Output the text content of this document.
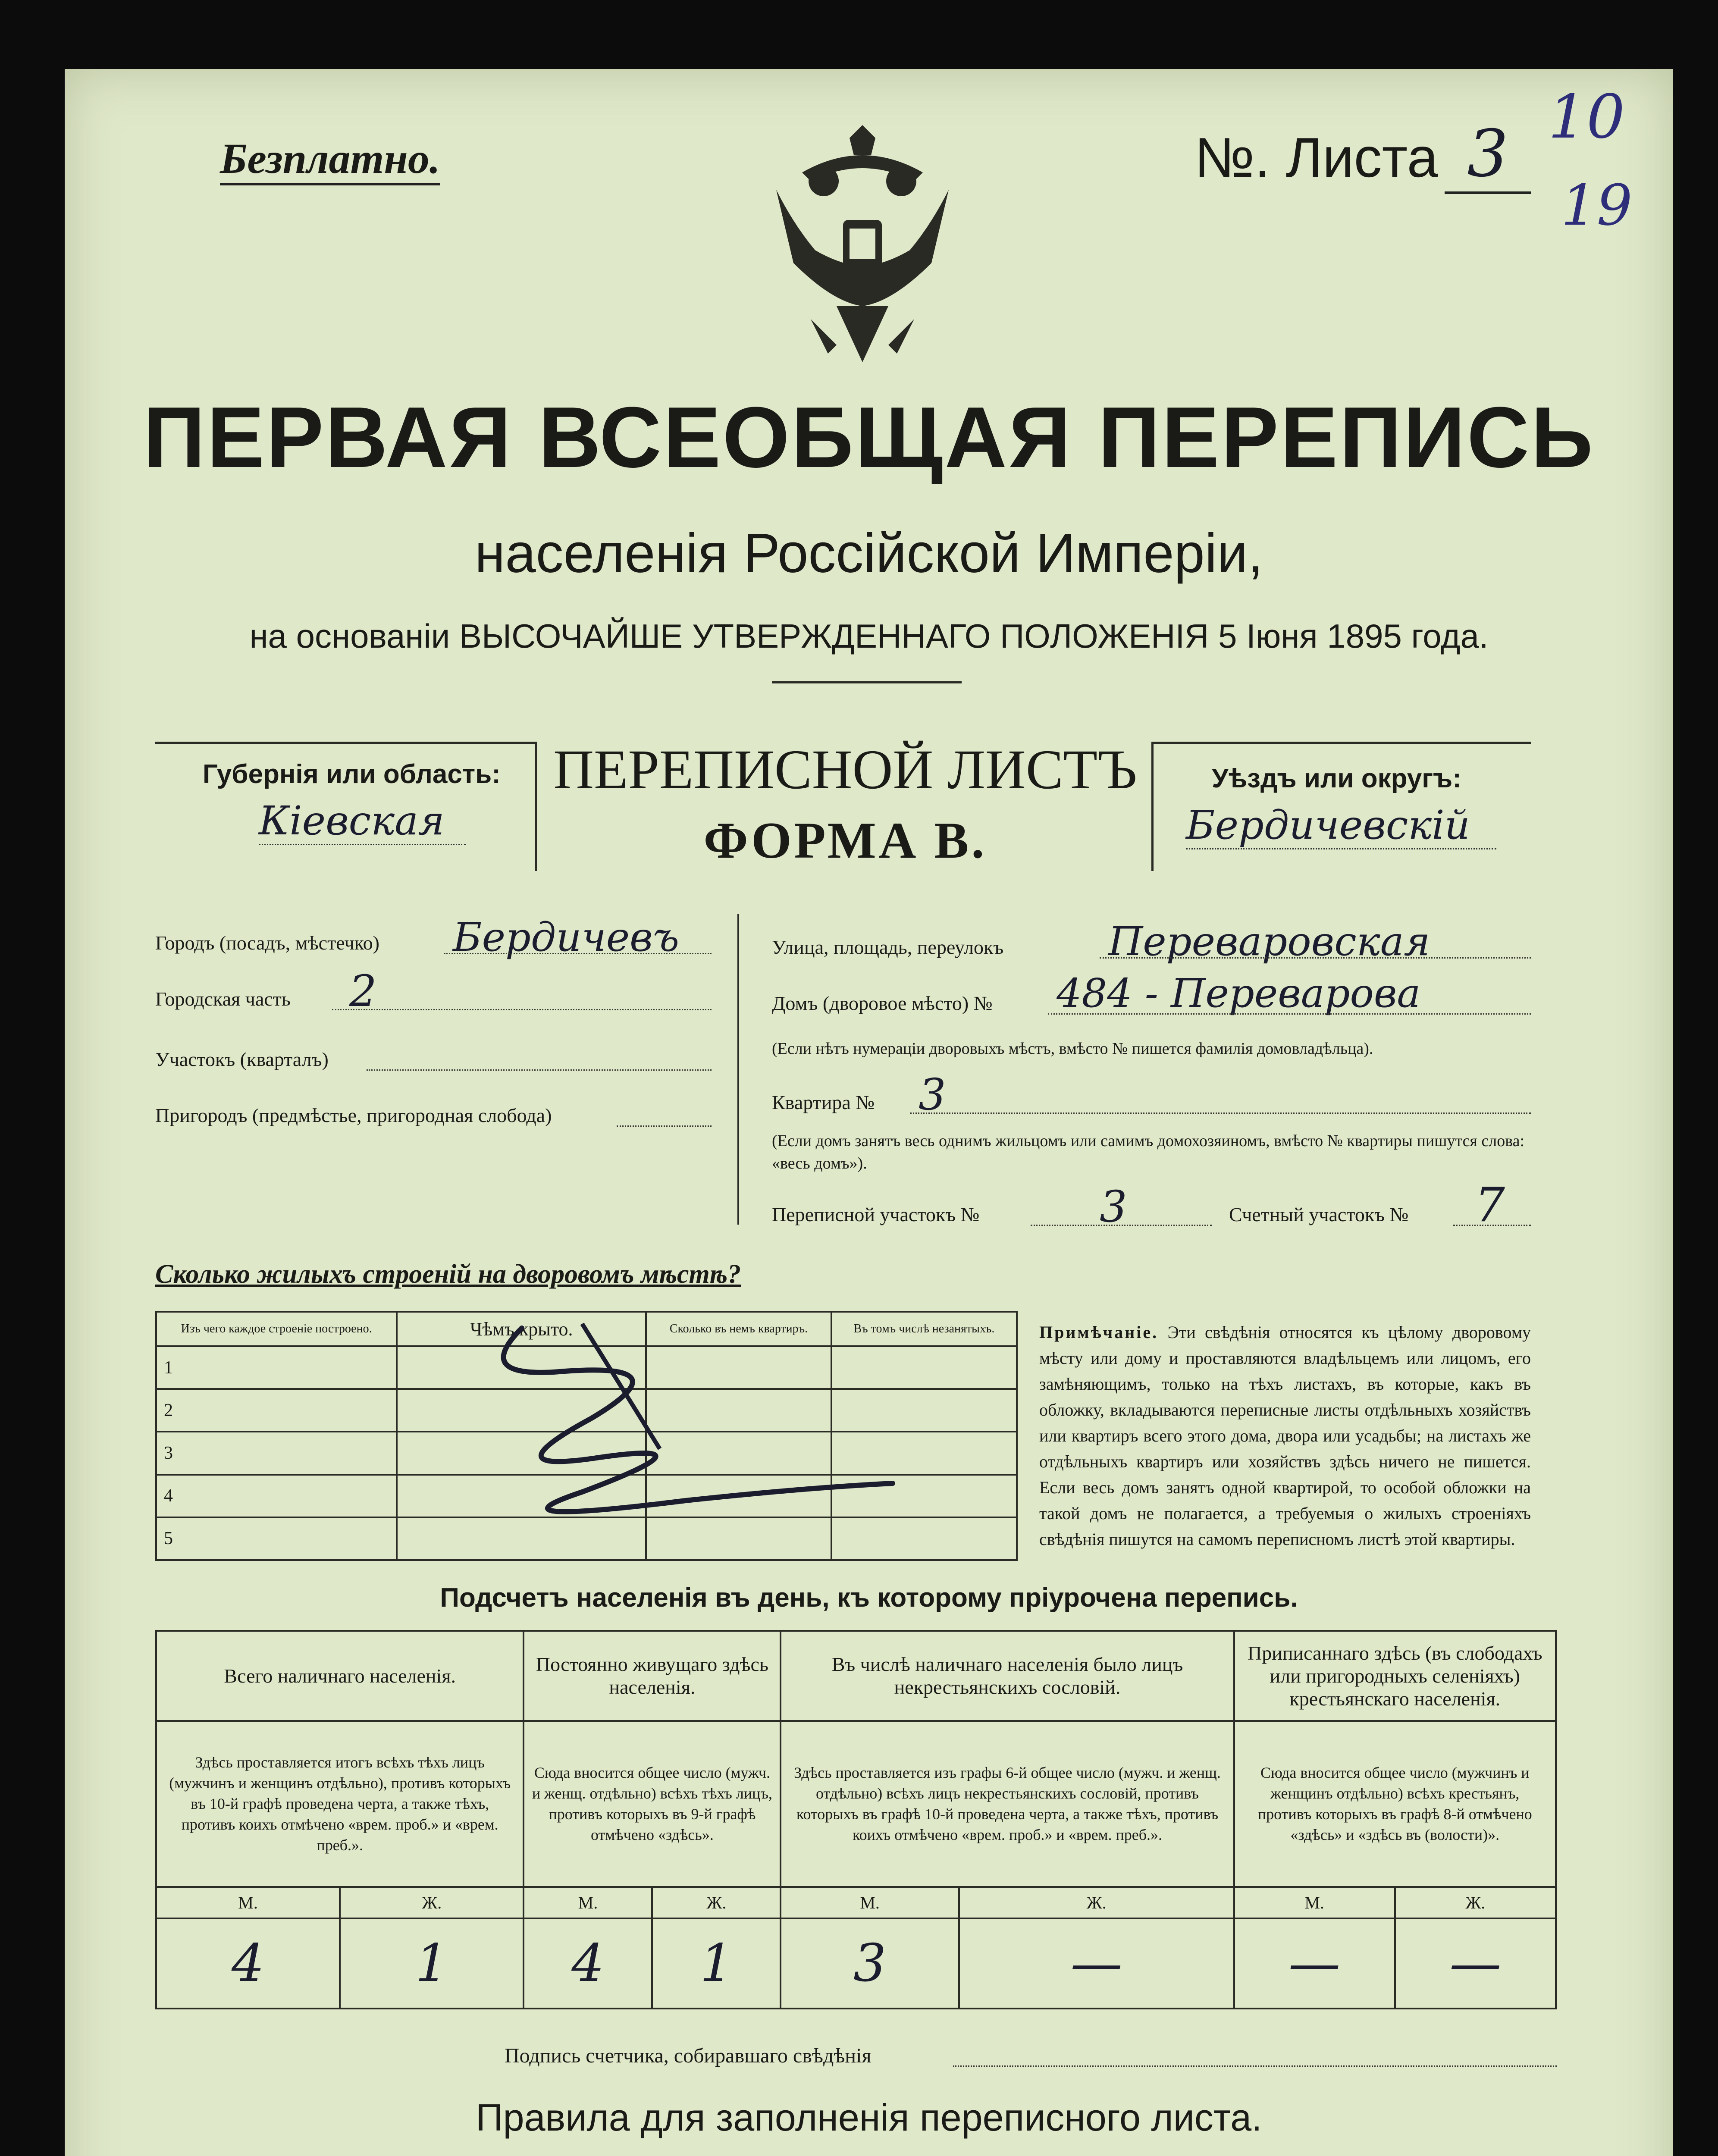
Безплатно.	№. Листа 3 10
19
ПЕРВАЯ ВСЕОБЩАЯ ПЕРЕПИСЬ
населенія Россійской Имперіи,
на основаніи ВЫСОЧАЙШЕ УТВЕРЖДЕННАГО ПОЛОЖЕНІЯ 5 Іюня 1895 года.
Губернія или область:
Кіевская
ПЕРЕПИСНОЙ ЛИСТЪ
ФОРМА В.
Уѣздъ или округъ:
Бердичевскій
Городъ (посадъ, мѣстечко) Бердичевъ
Городская часть 2
Участокъ (кварталъ)
Пригородъ (предмѣстье, пригородная слобода)
Улица, площадь, переулокъ	Переваровская
Домъ (дворовое мѣсто) № 484 - Переварова
(Если нѣтъ нумераціи дворовыхъ мѣстъ, вмѣсто № пишется фамилія домовладѣльца).
Квартира № 3
(Если домъ занятъ весь однимъ жильцомъ или самимъ домохозяиномъ, вмѣсто № квартиры пишутся слова: «весь домъ»).
Переписной участокъ №	3	Счетный участокъ № 7
Сколько жилыхъ строеній на дворовомъ мѣстѣ?
Изъ чего каждое строеніе построено.	Чѣмъ крыто.	Сколько въ немъ квартиръ.	Въ томъ числѣ незанятыхъ.

1			
2			
3			
4			
5			
Примѣчаніе. Эти свѣдѣнія относятся къ цѣлому дворовому мѣсту или дому и проставляются владѣльцемъ или лицомъ, его замѣняющимъ, только на тѣхъ листахъ, въ которые, какъ въ обложку, вкладываются переписные листы отдѣльныхъ хозяйствъ или квартиръ всего этого дома, двора или усадьбы; на листахъ же отдѣльныхъ квартиръ или хозяйствъ здѣсь ничего не пишется. Если весь домъ занятъ одной квартирой, то особой обложки на такой домъ не полагается, а требуемыя о жилыхъ строеніяхъ свѣдѣнія пишутся на самомъ переписномъ листѣ этой квартиры.
Подсчетъ населенія въ день, къ которому пріурочена перепись.
Всего наличнаго населенія.		Постоянно живущаго здѣсь населенія.		Въ числѣ наличнаго населенія было лицъ некрестьянскихъ сословій.		Приписаннаго здѣсь (въ слободахъ или пригородныхъ селеніяхъ) крестьянскаго населенія.	

Здѣсь проставляется итогъ всѣхъ тѣхъ лицъ (мужчинъ и женщинъ отдѣльно), противъ которыхъ въ 10-й графѣ проведена черта, а также тѣхъ, противъ коихъ отмѣчено «врем. проб.» и «врем. преб.».		Сюда вносится общее число (мужч. и женщ. отдѣльно) всѣхъ тѣхъ лицъ, противъ которыхъ въ 9-й графѣ отмѣчено «здѣсь».		Здѣсь проставляется изъ графы 6-й общее число (мужч. и женщ. отдѣльно) всѣхъ лицъ некрестьянскихъ сословій, противъ которыхъ въ графѣ 10-й проведена черта, а также тѣхъ, противъ коихъ отмѣчено «врем. проб.» и «врем. преб.».		Сюда вносится общее число (мужчинъ и женщинъ отдѣльно) всѣхъ крестьянъ, противъ которыхъ въ графѣ 8-й отмѣчено «здѣсь» и «здѣсь въ (волости)».	

М.	Ж.	М.	Ж.	М.	Ж.	М.	Ж.
4	1	4	1	3	—	—	—
Подпись счетчика, собиравшаго свѣдѣнія
Правила для заполненія переписного листа.
